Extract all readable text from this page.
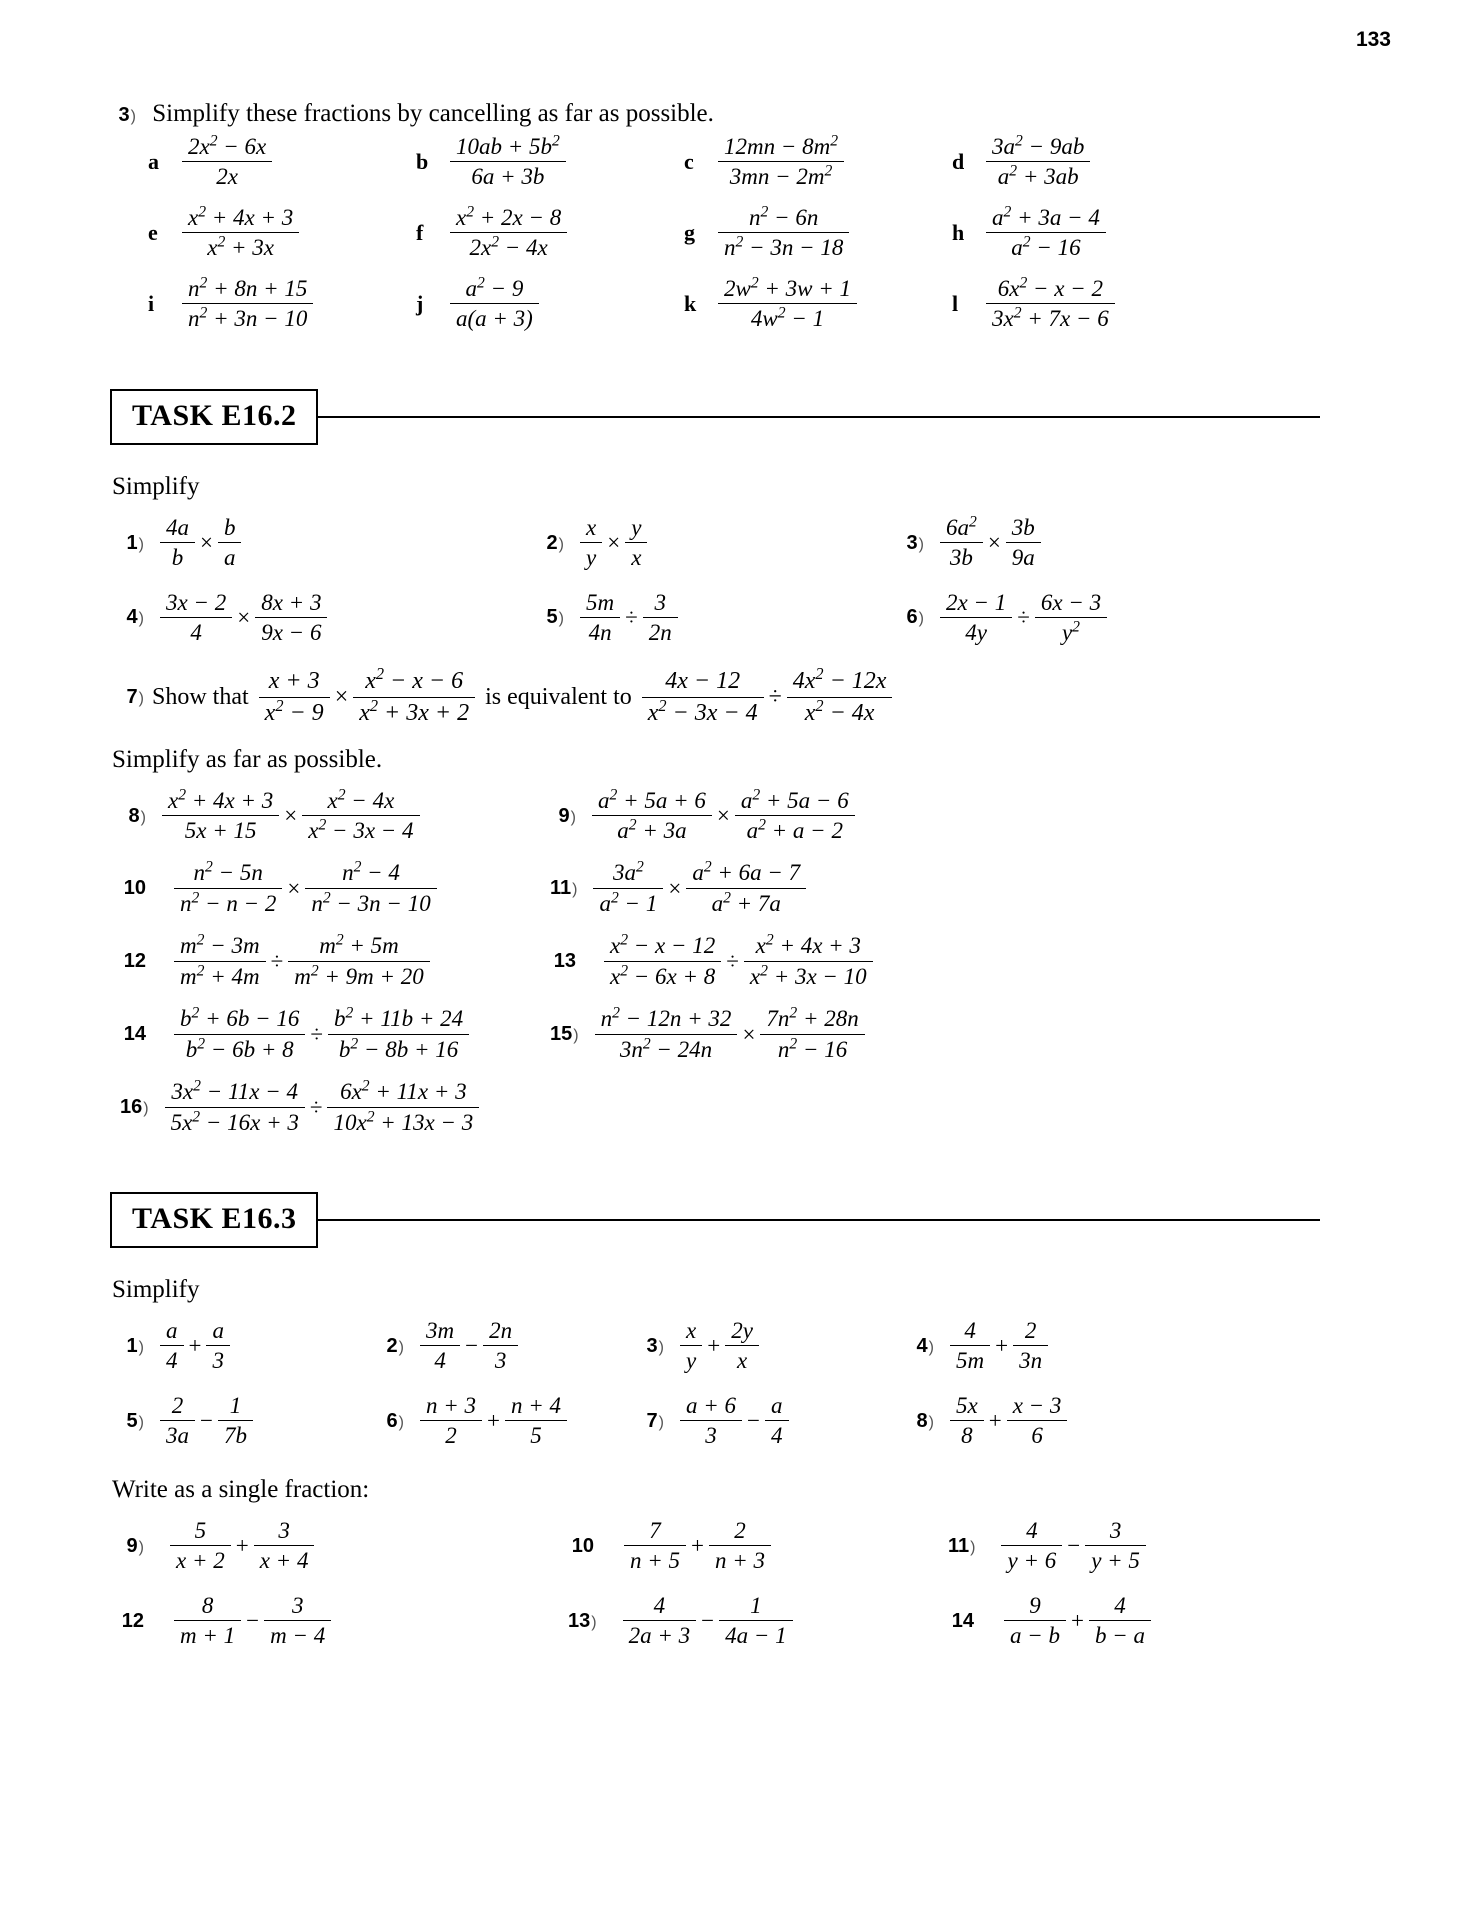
133
3 ) Simplify these fractions by cancelling as far as possible.
a	$\frac{2x^2 - 6x}{2x}$	b $\frac{10ab + 5b^2}{6a + 3b}$	c	$\frac{12mn - 8m^2}{3mn - 2m^2}$	d $\frac{3a^2 - 9ab}{a^2 + 3ab}$
e	$\frac{x^2 + 4x + 3}{x^2 + 3x}$	f	$\frac{x^2 + 2x - 8}{2x^2 - 4x}$	g	$\frac{n^2 - 6n}{n^2 - 3n - 18}$	h $\frac{a^2 + 3a - 4}{a^2 - 16}$
i	$\frac{n^2 + 8n + 15}{n^2 + 3n - 10}$	j	$\frac{a^2 - 9}{a(a + 3)}$	k $\frac{2w^2 + 3w + 1}{4w^2 - 1}$	l	$\frac{6x^2 - x - 2}{3x^2 + 7x - 6}$
TASK E16.2
Simplify
1 ) $\frac{4a}{b} \times \frac{b}{a}$	2 ) $\frac{x}{y} \times \frac{y}{x}$	3 ) $\frac{6a^2}{3b} \times \frac{3b}{9a}$
4 ) $\frac{3x - 2}{4} \times \frac{8x + 3}{9x - 6}$	5 ) $\frac{5m}{4n} \div \frac{3}{2n}$	6 ) $\frac{2x - 1}{4y} \div \frac{6x - 3}{y^2}$
7 ) Show that $\frac{x + 3}{x^2 - 9} \times \frac{x^2 - x - 6}{x^2 + 3x + 2}$ is equivalent to $\frac{4x - 12}{x^2 - 3x - 4} \div \frac{4x^2 - 12x}{x^2 - 4x}$
Simplify as far as possible.
8 ) $\frac{x^2 + 4x + 3}{5x + 15} \times \frac{x^2 - 4x}{x^2 - 3x - 4}$	9 ) $\frac{a^2 + 5a + 6}{a^2 + 3a} \times \frac{a^2 + 5a - 6}{a^2 + a - 2}$
$10 \frac{n^2 - 5n}{n^2 - n - 2} \times \frac{n^2 - 4}{n^2 - 3n - 10}$	11 ) $\frac{3a^2}{a^2 - 1} \times \frac{a^2 + 6a - 7}{a^2 + 7a}$
$12 \frac{m^2 - 3m}{m^2 + 4m} \div \frac{m^2 + 5m}{m^2 + 9m + 20}$	$13 \frac{x^2 - x - 12}{x^2 - 6x + 8} \div \frac{x^2 + 4x + 3}{x^2 + 3x - 10}$
$14 \frac{b^2 + 6b - 16}{b^2 - 6b + 8} \div \frac{b^2 + 11b + 24}{b^2 - 8b + 16}$	15 ) $\frac{n^2 - 12n + 32}{3n^2 - 24n} \times \frac{7n^2 + 28n}{n^2 - 16}$
16 ) $\frac{3x^2 - 11x - 4}{5x^2 - 16x + 3} \div \frac{6x^2 + 11x + 3}{10x^2 + 13x - 3}$
TASK E16.3
Simplify
1 ) $\frac{a}{4} + \frac{a}{3}$	2 ) $\frac{3m}{4} - \frac{2n}{3}$	3 ) $\frac{x}{y} + \frac{2y}{x}$	4 ) $\frac{4}{5m} + \frac{2}{3n}$
5 ) $\frac{2}{3a} - \frac{1}{7b}$	6 ) $\frac{n + 3}{2} + \frac{n + 4}{5}$	7 ) $\frac{a + 6}{3} - \frac{a}{4}$	8 ) $\frac{5x}{8} + \frac{x - 3}{6}$
Write as a single fraction:
9 ) $\frac{5}{x + 2} + \frac{3}{x + 4}$	$10 \frac{7}{n + 5} + \frac{2}{n + 3}$	11 ) $\frac{4}{y + 6} - \frac{3}{y + 5}$
$12 \frac{8}{m + 1} - \frac{3}{m - 4}$	13 ) $\frac{4}{2a + 3} - \frac{1}{4a - 1}$	$14 \frac{9}{a - b} + \frac{4}{b - a}$
